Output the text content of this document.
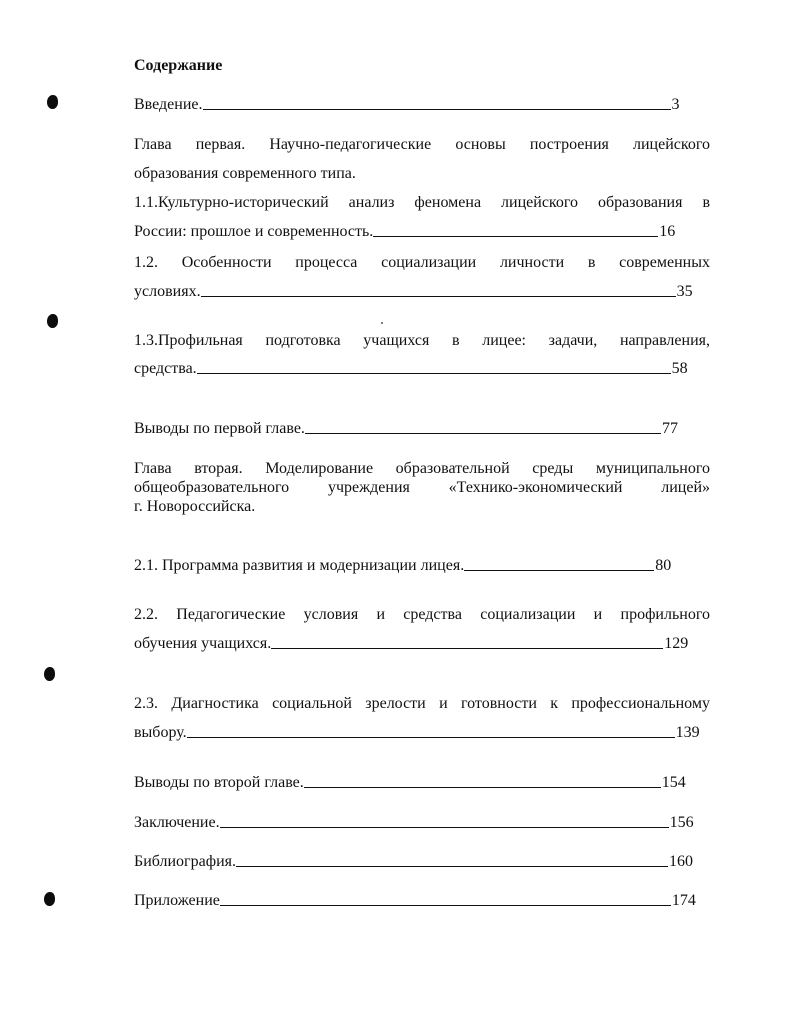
Содержание
Введение.	3
Глава первая. Научно-педагогические основы построения лицейского
образования современного типа.
1.1.Культурно-исторический анализ феномена лицейского образования в
России: прошлое и современность.	16
1.2. Особенности процесса социализации личности в современных
условиях.	35
1.3.Профильная подготовка учащихся в лицее: задачи, направления,
средства.	58
Выводы по первой главе.	77
Глава вторая. Моделирование образовательной среды муниципального
общеобразовательного учреждения «Технико-экономический лицей»
г. Новороссийска.
2.1. Программа развития и модернизации лицея.	80
2.2. Педагогические условия и средства социализации и профильного
обучения учащихся.	129
2.3. Диагностика социальной зрелости и готовности к профессиональному
выбору.	139
Выводы по второй главе.	154
Заключение.	156
Библиография.	160
Приложение	174
